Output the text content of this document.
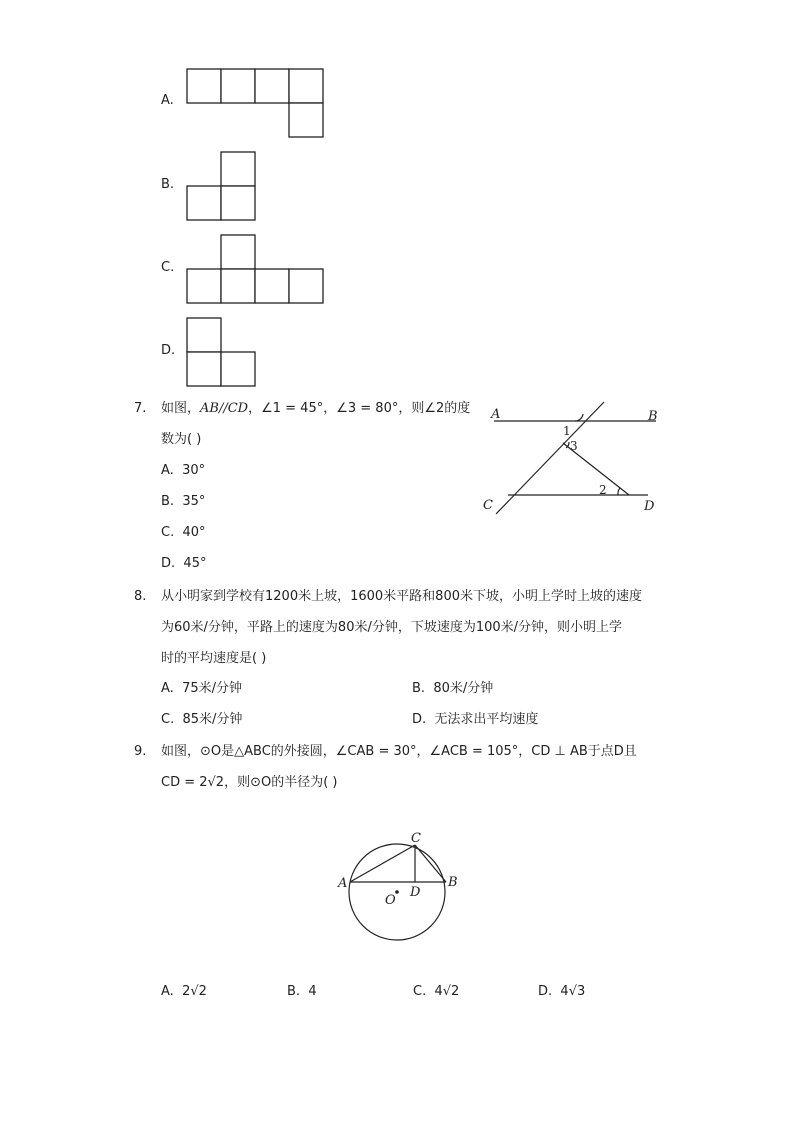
A.
B.
C.
D.
7. 如图，AB//CD，∠1 = 45°，∠3 = 80°，则∠2的度
数为( )
A. 30°
B. 35°
C. 40°
D. 45°
A	B
C	D
1
3
2
8. 从小明家到学校有1200米上坡，1600米平路和800米下坡，小明上学时上坡的速度
为60米/分钟，平路上的速度为80米/分钟，下坡速度为100米/分钟，则小明上学
时的平均速度是( )
A. 75米/分钟	B. 80米/分钟
C. 85米/分钟	D. 无法求出平均速度
9. 如图，⊙O是△ABC的外接圆，∠CAB = 30°，∠ACB = 105°，CD ⊥ AB于点D且
CD = 2√2，则⊙O的半径为( )
A	B
C
D
O
A. 2√2	B. 4	C. 4√2	D. 4√3
